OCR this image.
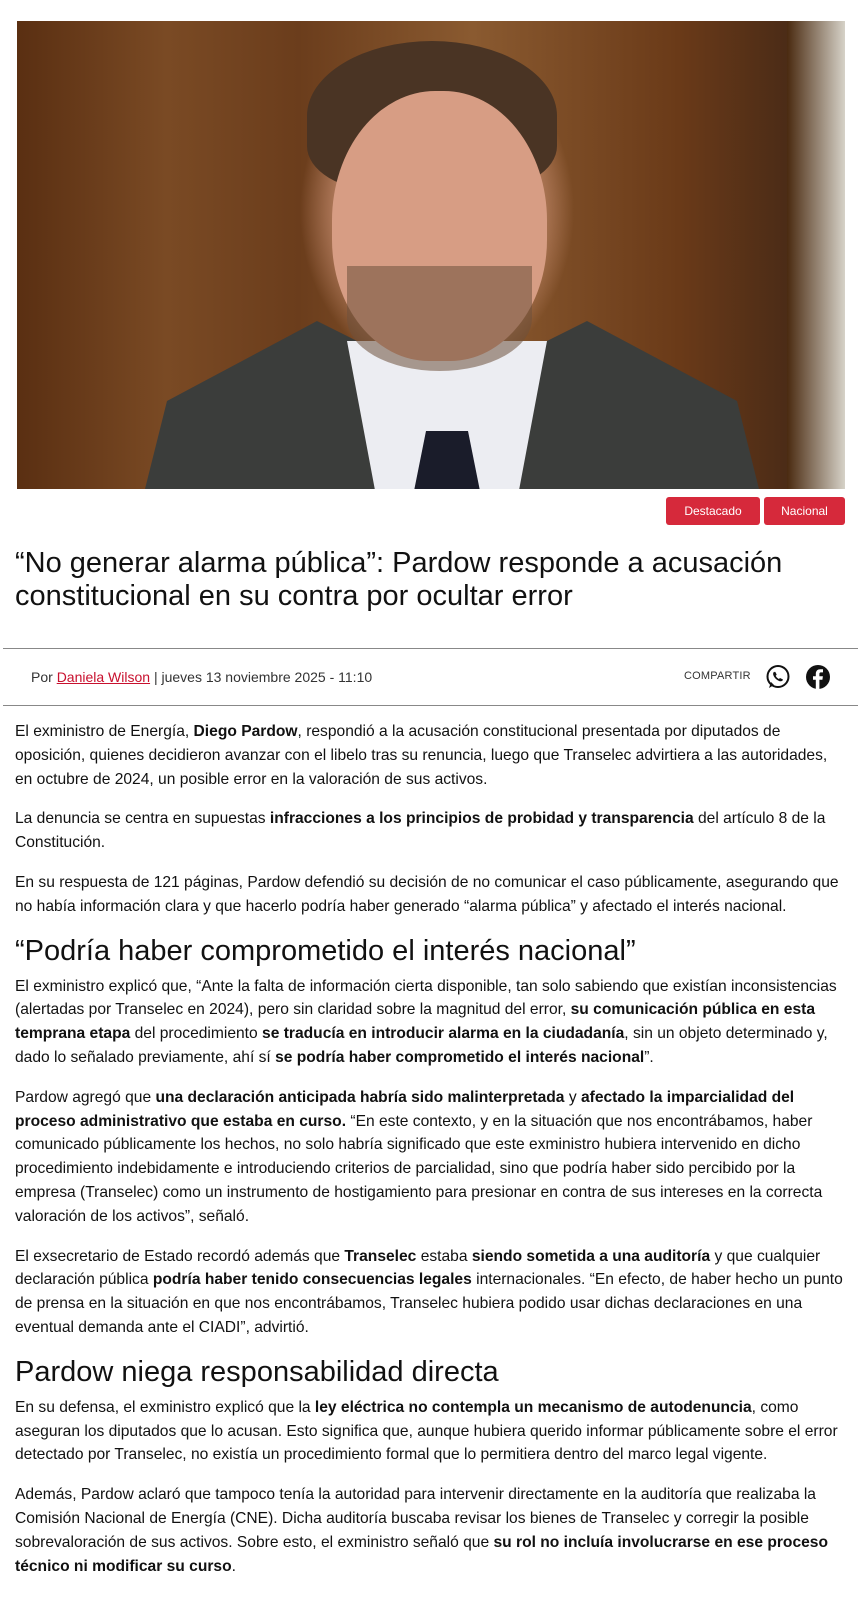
Destacado	Nacional
“No generar alarma pública”: Pardow responde a acusación constitucional en su contra por ocultar error
Por Daniela Wilson | jueves 13 noviembre 2025 - 11:10	COMPARTIR

El exministro de Energía, Diego Pardow, respondió a la acusación constitucional presentada por diputados de oposición, quienes decidieron avanzar con el libelo tras su renuncia, luego que Transelec advirtiera a las autoridades, en octubre de 2024, un posible error en la valoración de sus activos.

La denuncia se centra en supuestas infracciones a los principios de probidad y transparencia del artículo 8 de la Constitución.

En su respuesta de 121 páginas, Pardow defendió su decisión de no comunicar el caso públicamente, asegurando que no había información clara y que hacerlo podría haber generado “alarma pública” y afectado el interés nacional.

“Podría haber comprometido el interés nacional”

El exministro explicó que, “Ante la falta de información cierta disponible, tan solo sabiendo que existían inconsistencias (alertadas por Transelec en 2024), pero sin claridad sobre la magnitud del error, su comunicación pública en esta temprana etapa del procedimiento se traducía en introducir alarma en la ciudadanía, sin un objeto determinado y, dado lo señalado previamente, ahí sí se podría haber comprometido el interés nacional”.

Pardow agregó que una declaración anticipada habría sido malinterpretada y afectado la imparcialidad del proceso administrativo que estaba en curso. “En este contexto, y en la situación que nos encontrábamos, haber comunicado públicamente los hechos, no solo habría significado que este exministro hubiera intervenido en dicho procedimiento indebidamente e introduciendo criterios de parcialidad, sino que podría haber sido percibido por la empresa (Transelec) como un instrumento de hostigamiento para presionar en contra de sus intereses en la correcta valoración de los activos”, señaló.

El exsecretario de Estado recordó además que Transelec estaba siendo sometida a una auditoría y que cualquier declaración pública podría haber tenido consecuencias legales internacionales. “En efecto, de haber hecho un punto de prensa en la situación en que nos encontrábamos, Transelec hubiera podido usar dichas declaraciones en una eventual demanda ante el CIADI”, advirtió.

Pardow niega responsabilidad directa

En su defensa, el exministro explicó que la ley eléctrica no contempla un mecanismo de autodenuncia, como aseguran los diputados que lo acusan. Esto significa que, aunque hubiera querido informar públicamente sobre el error detectado por Transelec, no existía un procedimiento formal que lo permitiera dentro del marco legal vigente.

Además, Pardow aclaró que tampoco tenía la autoridad para intervenir directamente en la auditoría que realizaba la Comisión Nacional de Energía (CNE). Dicha auditoría buscaba revisar los bienes de Transelec y corregir la posible sobrevaloración de sus activos. Sobre esto, el exministro señaló que su rol no incluía involucrarse en ese proceso técnico ni modificar su curso.
